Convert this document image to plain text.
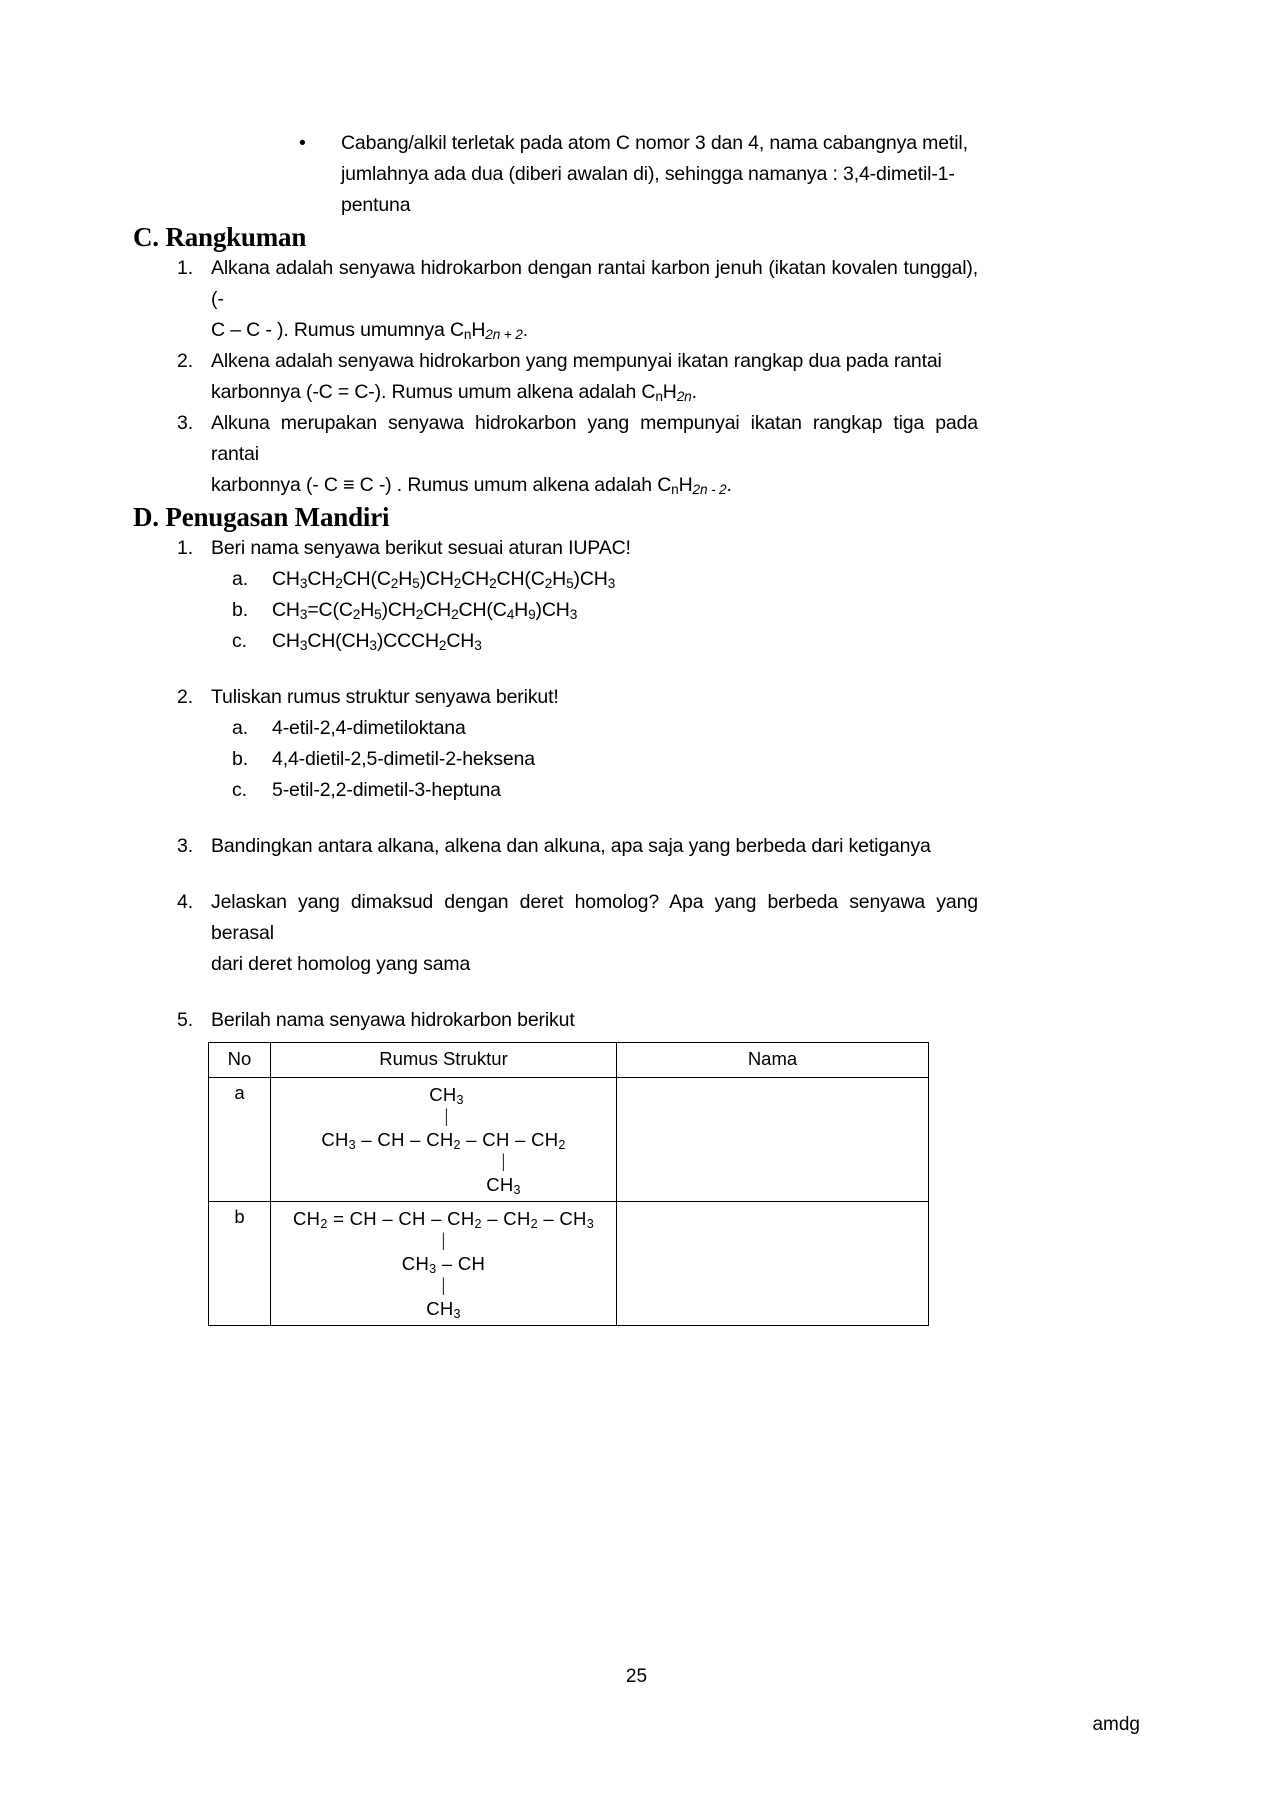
•	Cabang/alkil terletak pada atom C nomor 3 dan 4, nama cabangnya metil,
jumlahnya ada dua (diberi awalan di), sehingga namanya : 3,4-dimetil-1-
pentuna
C. Rangkuman
1. Alkana adalah senyawa hidrokarbon dengan rantai karbon jenuh (ikatan kovalen tunggal), (-
C – C - ). Rumus umumnya $C_nH_{2n + 2}$.
2. Alkena adalah senyawa hidrokarbon yang mempunyai ikatan rangkap dua pada rantai
karbonnya (-C = C-). Rumus umum alkena adalah $C_nH_{2n}$.
3. Alkuna merupakan senyawa hidrokarbon yang mempunyai ikatan rangkap tiga pada rantai
karbonnya (- C ≡ C -) . Rumus umum alkena adalah $C_nH_{2n - 2}$.
D. Penugasan Mandiri
1. Beri nama senyawa berikut sesuai aturan IUPAC!
a.	$CH_3CH_2CH(C_2H_5)CH_2CH_2CH(C_2H_5)CH_3$
b.	$CH_3=C(C_2H_5)CH_2CH_2CH(C_4H_9)CH_3$
c.	$CH_3CH(CH_3)CCCH_2CH_3$
2. Tuliskan rumus struktur senyawa berikut!
a.	4-etil-2,4-dimetiloktana
b.	4,4-dietil-2,5-dimetil-2-heksena
c.	5-etil-2,2-dimetil-3-heptuna
3. Bandingkan antara alkana, alkena dan alkuna, apa saja yang berbeda dari ketiganya
4. Jelaskan yang dimaksud dengan deret homolog? Apa yang berbeda senyawa yang berasal
dari deret homolog yang sama
5. Berilah nama senyawa hidrokarbon berikut
No	Rumus Struktur	Nama
a	$CH_3$
|
$CH_3$ – CH – $CH_2$ – CH – $CH_2$
|
$CH_3$

b	$CH_2$ = CH – CH – $CH_2 - CH_2 - CH_3$
|
$CH_3$ – CH
|
$CH_3$

25
amdg
